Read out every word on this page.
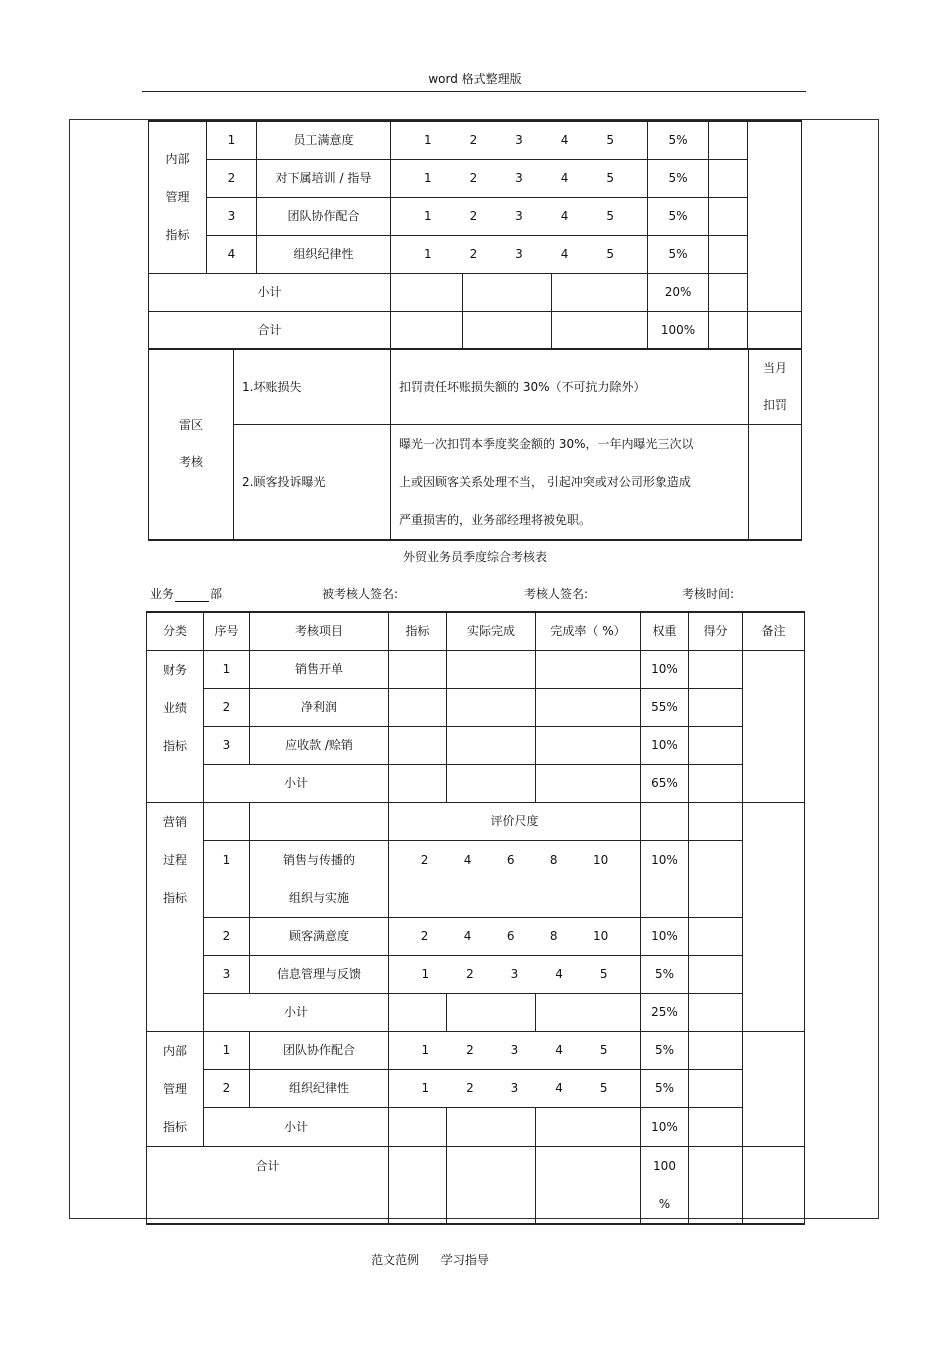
word 格式整理版
内部
管理
指标	1	员工满意度	1 2 3 4 5			5%		
	2	对下属培训 / 指导	1 2 3 4 5			5%		
	3	团队协作配合	1 2 3 4 5			5%		
	4	组织纪律性	1 2 3 4 5			5%		
小计						20%		
合计						100%		
雷区
考核	1.坏账损失	扣罚责任坏账损失额的 30%（不可抗力除外）	当月
扣罚
	2.顾客投诉曝光	曝光一次扣罚本季度奖金额的 30%，一年内曝光三次以
上或因顾客关系处理不当， 引起冲突或对公司形象造成
严重损害的，业务部经理将被免职。	
外贸业务员季度综合考核表
业务	部	被考核人签名:	考核人签名:	考核时间:
分类	序号	考核项目	指标	实际完成	完成率（ %）	权重	得分	备注
财务
业绩
指标	1	销售开单				10%		
	2	净利润				55%		
	3	应收款 /赊销				10%		
	小计					65%		
营销
过程
指标			评价尺度					
	1	销售与传播的
组织与实施	2 4 6 8 10			10%		
	2	顾客满意度	2 4 6 8 10			10%		
	3	信息管理与反馈	1 2 3 4 5			5%		
	小计					25%		
内部
管理
指标	1	团队协作配合	1 2 3 4 5			5%		
	2	组织纪律性	1 2 3 4 5			5%		
	小计					10%		
合计						100
%		
范文范例 学习指导
